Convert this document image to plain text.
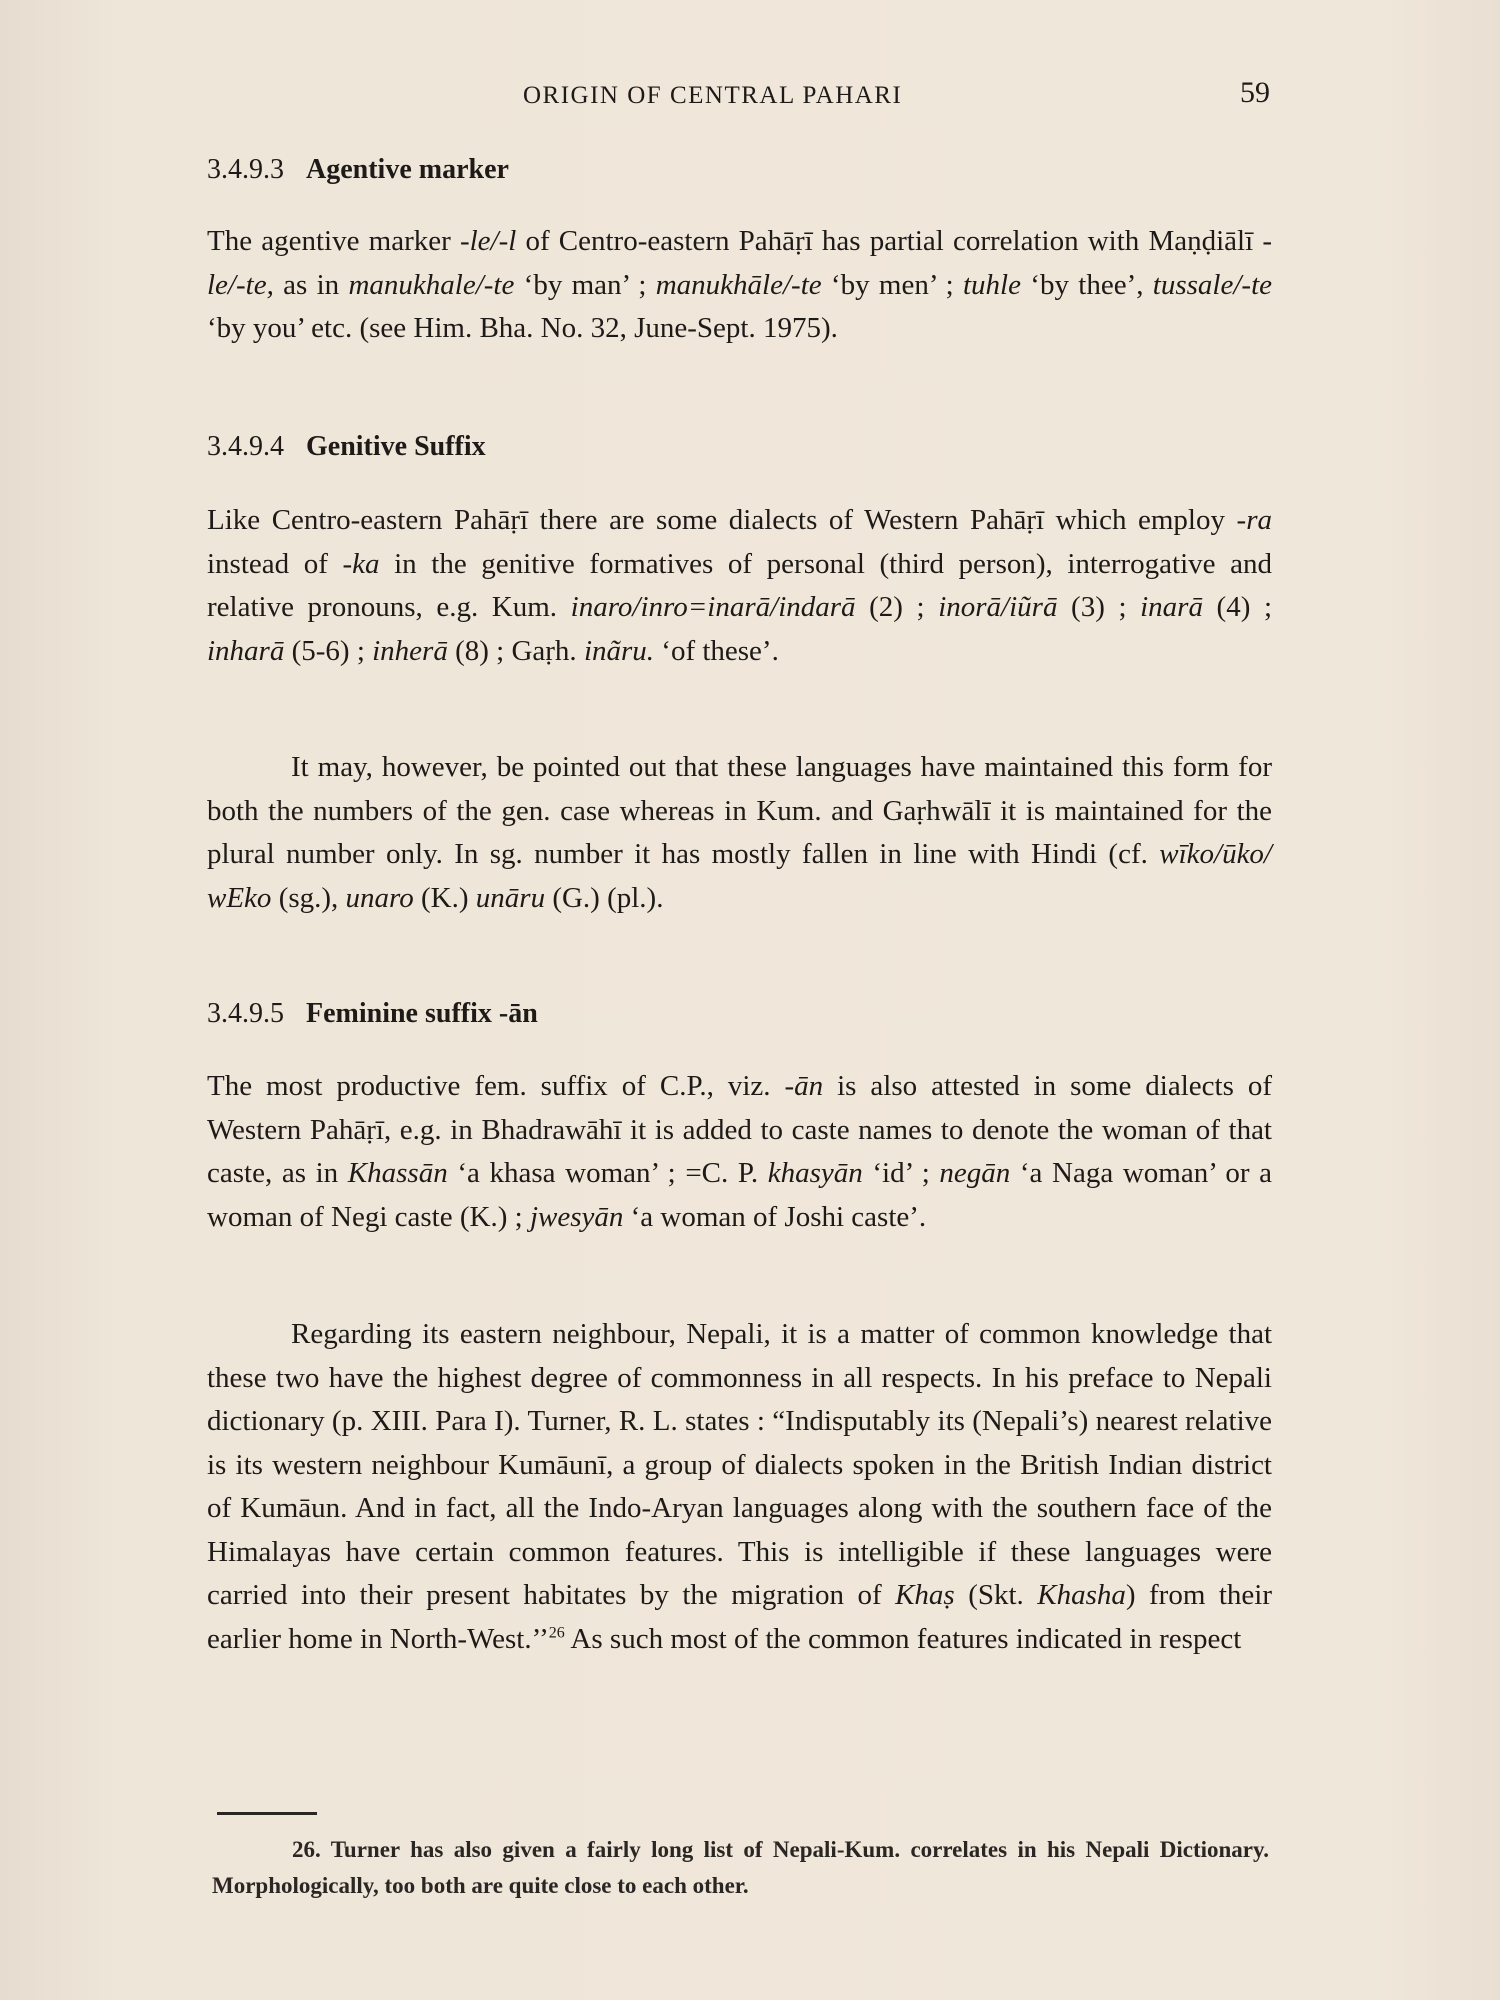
ORIGIN OF CENTRAL PAHARI	59
3.4.9.3 Agentive marker
The agentive marker -le/-l of Centro-eastern Pahāṛī has partial correlation with Maṇḍiālī -le/-te, as in manukhale/-te ‘by man’ ; manukhāle/-te ‘by men’ ; tuhle ‘by thee’, tussale/-te ‘by you’ etc. (see Him. Bha. No. 32, June-Sept. 1975).
3.4.9.4 Genitive Suffix
Like Centro-eastern Pahāṛī there are some dialects of Western Pahāṛī which employ -ra instead of -ka in the genitive formatives of personal (third person), interrogative and relative pronouns, e.g. Kum. inaro/inro=inarā/indarā (2) ; inorā/iũrā (3) ; inarā (4) ; inharā (5-6) ; inherā (8) ; Gaṛh. inãru. ‘of these’.
It may, however, be pointed out that these languages have maintained this form for both the numbers of the gen. case whereas in Kum. and Gaṛhwālī it is maintained for the plural number only. In sg. number it has mostly fallen in line with Hindi (cf. wīko/ūko/ wEko (sg.), unaro (K.) unāru (G.) (pl.).
3.4.9.5 Feminine suffix -ān
The most productive fem. suffix of C.P., viz. -ān is also attested in some dialects of Western Pahāṛī, e.g. in Bhadrawāhī it is added to caste names to denote the woman of that caste, as in Khassān ‘a khasa woman’ ; =C. P. khasyān ‘id’ ; negān ‘a Naga woman’ or a woman of Negi caste (K.) ; jwesyān ‘a woman of Joshi caste’.
Regarding its eastern neighbour, Nepali, it is a matter of common knowledge that these two have the highest degree of commonness in all respects. In his preface to Nepali dictionary (p. XIII. Para I). Turner, R. L. states : “Indisputably its (Nepali’s) nearest relative is its western neighbour Kumāunī, a group of dialects spoken in the British Indian district of Kumāun. And in fact, all the Indo-Aryan languages along with the southern face of the Himalayas have certain common features. This is intelligible if these languages were carried into their present habitates by the migration of Khaṣ (Skt. Khasha) from their earlier home in North-West.’’$^{26}$ As such most of the common features indicated in respect
26. Turner has also given a fairly long list of Nepali-Kum. correlates in his Nepali Dictionary. Morphologically, too both are quite close to each other.
